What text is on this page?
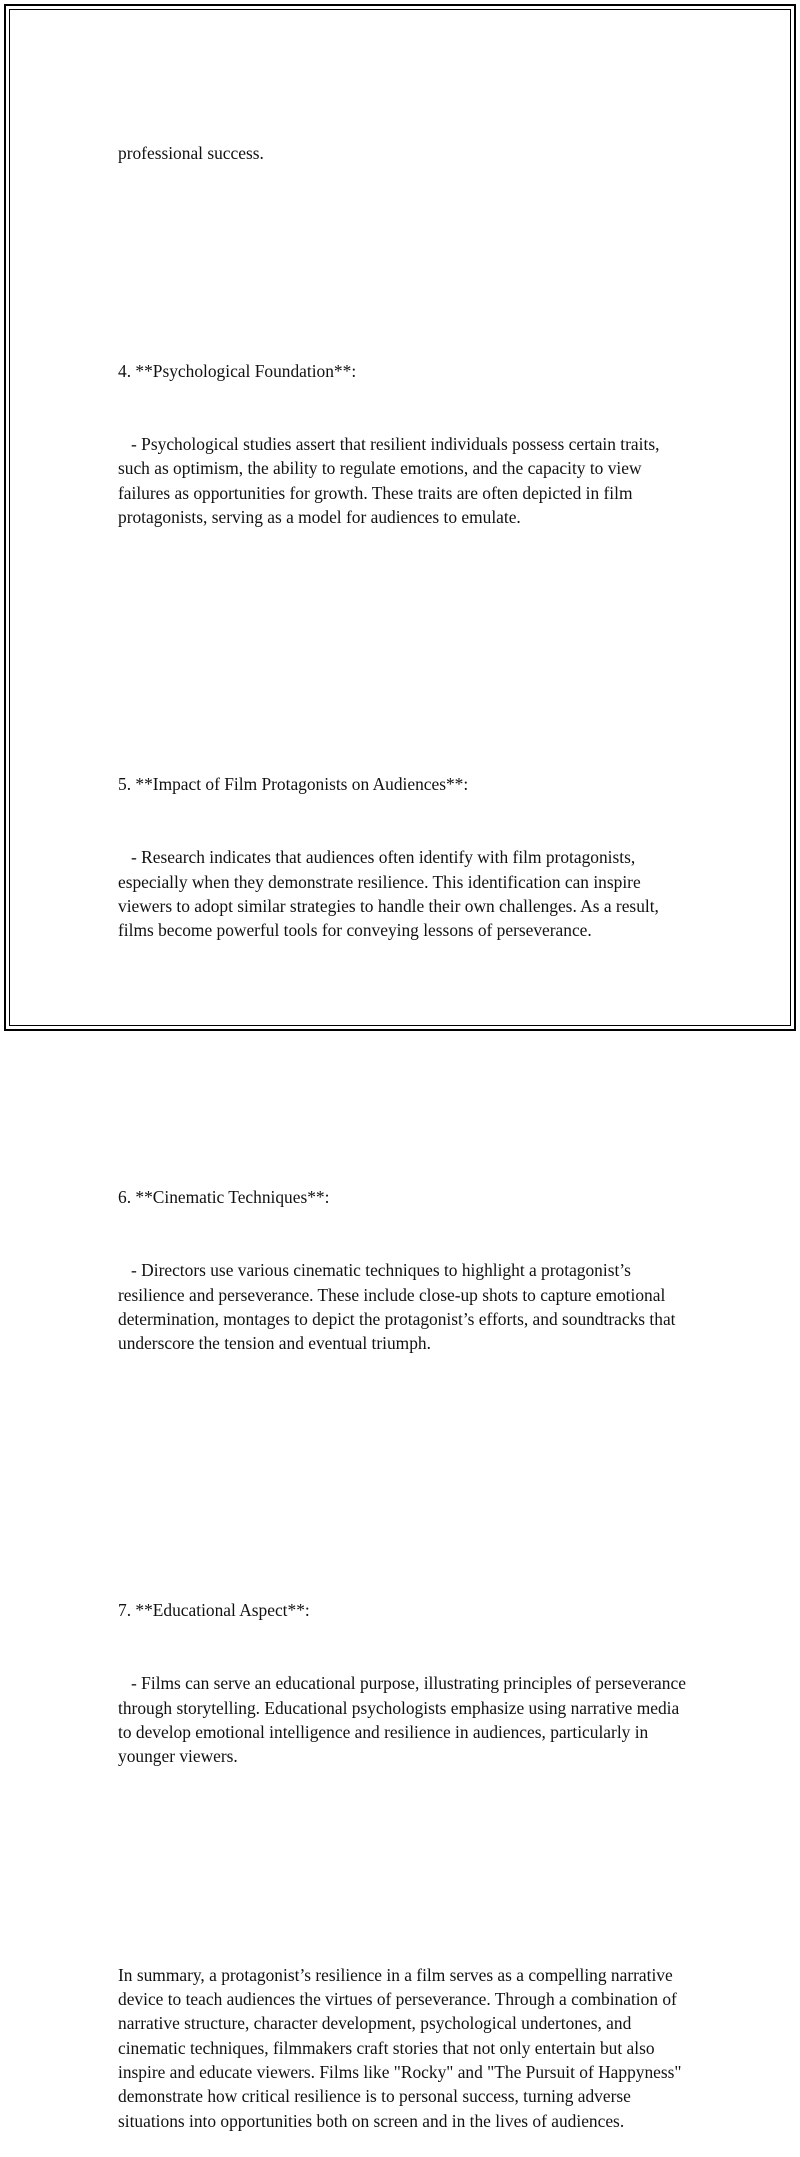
professional success.

4. **Psychological Foundation**:

- Psychological studies assert that resilient individuals possess certain traits, such as optimism, the ability to regulate emotions, and the capacity to view failures as opportunities for growth. These traits are often depicted in film protagonists, serving as a model for audiences to emulate.

5. **Impact of Film Protagonists on Audiences**:

- Research indicates that audiences often identify with film protagonists, especially when they demonstrate resilience. This identification can inspire viewers to adopt similar strategies to handle their own challenges. As a result, films become powerful tools for conveying lessons of perseverance.

6. **Cinematic Techniques**:

- Directors use various cinematic techniques to highlight a protagonist’s resilience and perseverance. These include close-up shots to capture emotional determination, montages to depict the protagonist’s efforts, and soundtracks that underscore the tension and eventual triumph.

7. **Educational Aspect**:

- Films can serve an educational purpose, illustrating principles of perseverance through storytelling. Educational psychologists emphasize using narrative media to develop emotional intelligence and resilience in audiences, particularly in younger viewers.

In summary, a protagonist’s resilience in a film serves as a compelling narrative device to teach audiences the virtues of perseverance. Through a combination of narrative structure, character development, psychological undertones, and cinematic techniques, filmmakers craft stories that not only entertain but also inspire and educate viewers. Films like "Rocky" and "The Pursuit of Happyness" demonstrate how critical resilience is to personal success, turning adverse situations into opportunities both on screen and in the lives of audiences.
